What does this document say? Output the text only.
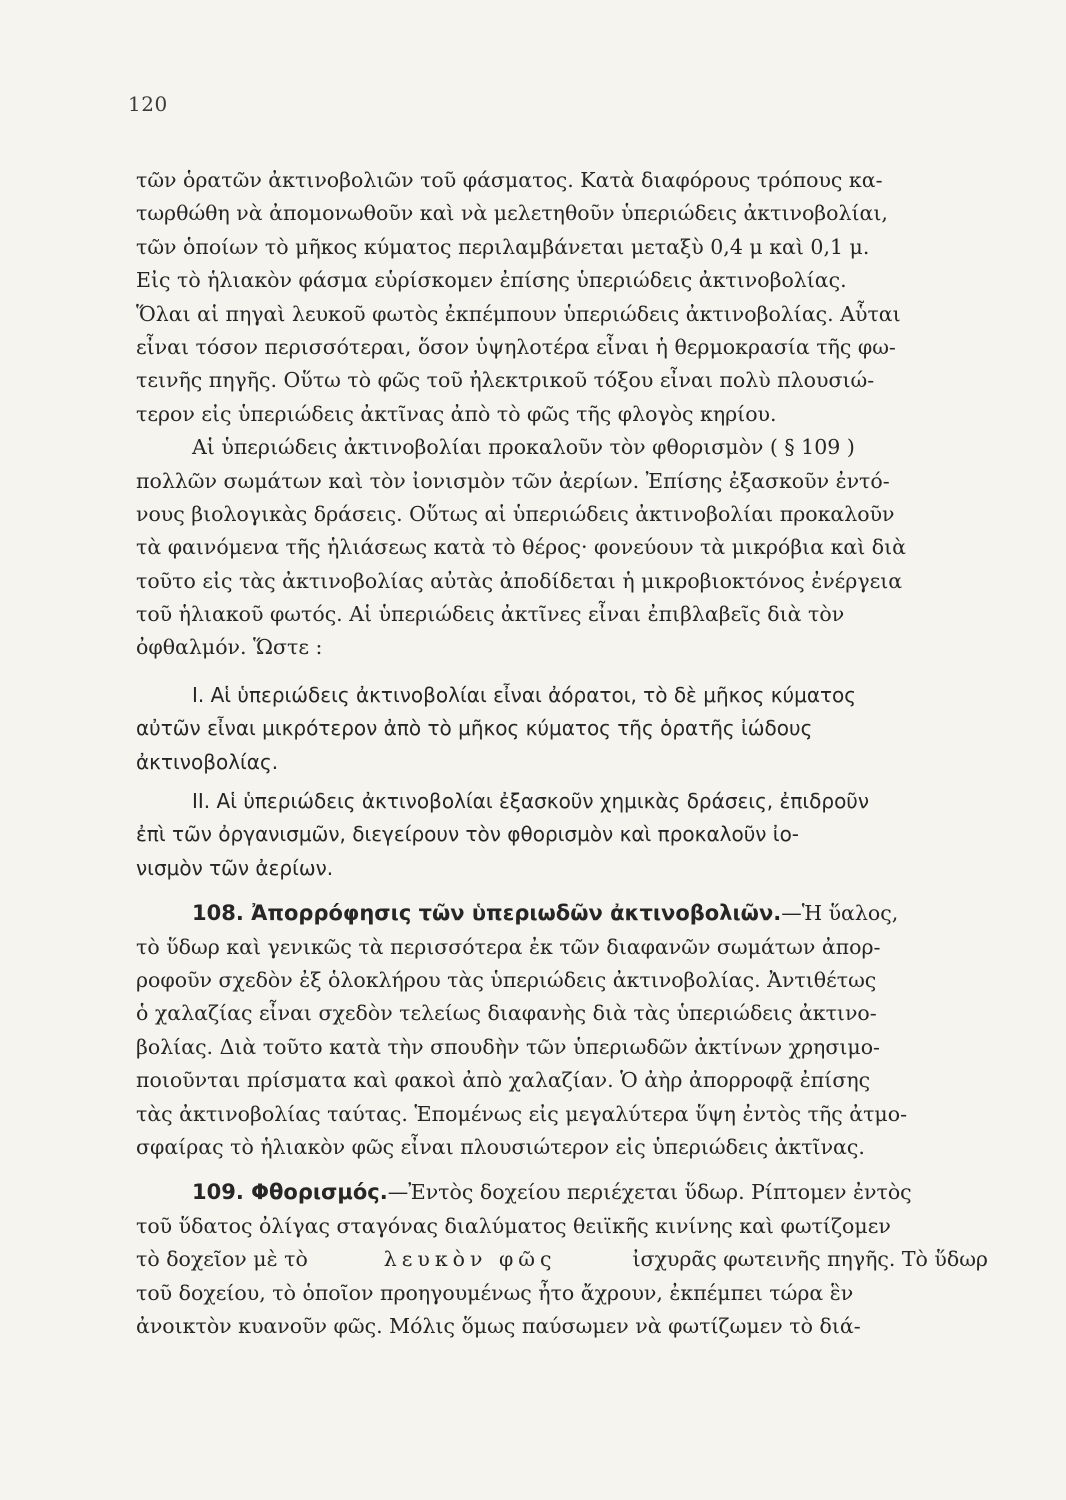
120
τῶν ὁρατῶν ἀκτινοβολιῶν τοῦ φάσματος. Κατὰ διαφόρους τρόπους κα-
τωρθώθη νὰ ἀπομονωθοῦν καὶ νὰ μελετηθοῦν ὑπεριώδεις ἀκτινοβολίαι,
τῶν ὁποίων τὸ μῆκος κύματος περιλαμβάνεται μεταξὺ 0,4 μ καὶ 0,1 μ.
Εἰς τὸ ἡλιακὸν φάσμα εὑρίσκομεν ἐπίσης ὑπεριώδεις ἀκτινοβολίας.
Ὅλαι αἱ πηγαὶ λευκοῦ φωτὸς ἐκπέμπουν ὑπεριώδεις ἀκτινοβολίας. Αὗται
εἶναι τόσον περισσότεραι, ὅσον ὑψηλοτέρα εἶναι ἡ θερμοκρασία τῆς φω-
τεινῆς πηγῆς. Οὕτω τὸ φῶς τοῦ ἠλεκτρικοῦ τόξου εἶναι πολὺ πλουσιώ-
τερον εἰς ὑπεριώδεις ἀκτῖνας ἀπὸ τὸ φῶς τῆς φλογὸς κηρίου.
Αἱ ὑπεριώδεις ἀκτινοβολίαι προκαλοῦν τὸν φθορισμὸν ( § 109 )
πολλῶν σωμάτων καὶ τὸν ἰονισμὸν τῶν ἀερίων. Ἐπίσης ἐξασκοῦν ἐντό-
νους βιολογικὰς δράσεις. Οὕτως αἱ ὑπεριώδεις ἀκτινοβολίαι προκαλοῦν
τὰ φαινόμενα τῆς ἡλιάσεως κατὰ τὸ θέρος· φονεύουν τὰ μικρόβια καὶ διὰ
τοῦτο εἰς τὰς ἀκτινοβολίας αὐτὰς ἀποδίδεται ἡ μικροβιοκτόνος ἐνέργεια
τοῦ ἡλιακοῦ φωτός. Αἱ ὑπεριώδεις ἀκτῖνες εἶναι ἐπιβλαβεῖς διὰ τὸν
ὀφθαλμόν. Ὥστε :
I. Αἱ ὑπεριώδεις ἀκτινοβολίαι εἶναι ἀόρατοι, τὸ δὲ μῆκος κύματος
αὐτῶν εἶναι μικρότερον ἀπὸ τὸ μῆκος κύματος τῆς ὁρατῆς ἰώδους
ἀκτινοβολίας.
II. Αἱ ὑπεριώδεις ἀκτινοβολίαι ἐξασκοῦν χημικὰς δράσεις, ἐπιδροῦν
ἐπὶ τῶν ὀργανισμῶν, διεγείρουν τὸν φθορισμὸν καὶ προκαλοῦν ἰο-
νισμὸν τῶν ἀερίων.
108. Ἀπορρόφησις τῶν ὑπεριωδῶν ἀκτινοβολιῶν.—Ἡ ὕαλος,
τὸ ὕδωρ καὶ γενικῶς τὰ περισσότερα ἐκ τῶν διαφανῶν σωμάτων ἀπορ-
ροφοῦν σχεδὸν ἐξ ὁλοκλήρου τὰς ὑπεριώδεις ἀκτινοβολίας. Ἀντιθέτως
ὁ χαλαζίας εἶναι σχεδὸν τελείως διαφανὴς διὰ τὰς ὑπεριώδεις ἀκτινο-
βολίας. Διὰ τοῦτο κατὰ τὴν σπουδὴν τῶν ὑπεριωδῶν ἀκτίνων χρησιμο-
ποιοῦνται πρίσματα καὶ φακοὶ ἀπὸ χαλαζίαν. Ὁ ἀὴρ ἀπορροφᾷ ἐπίσης
τὰς ἀκτινοβολίας ταύτας. Ἑπομένως εἰς μεγαλύτερα ὕψη ἐντὸς τῆς ἀτμο-
σφαίρας τὸ ἡλιακὸν φῶς εἶναι πλουσιώτερον εἰς ὑπεριώδεις ἀκτῖνας.
109. Φθορισμός.—Ἐντὸς δοχείου περιέχεται ὕδωρ. Ρίπτομεν ἐντὸς
τοῦ ὕδατος ὀλίγας σταγόνας διαλύματος θειϊκῆς κινίνης καὶ φωτίζομεν
τὸ δοχεῖον μὲ τὸ	λευκὸν φῶς	ἰσχυρᾶς φωτεινῆς πηγῆς. Τὸ ὕδωρ
τοῦ δοχείου, τὸ ὁποῖον προηγουμένως ἦτο ἄχρουν, ἐκπέμπει τώρα ἓν
ἀνοικτὸν κυανοῦν φῶς. Μόλις ὅμως παύσωμεν νὰ φωτίζωμεν τὸ διά-
